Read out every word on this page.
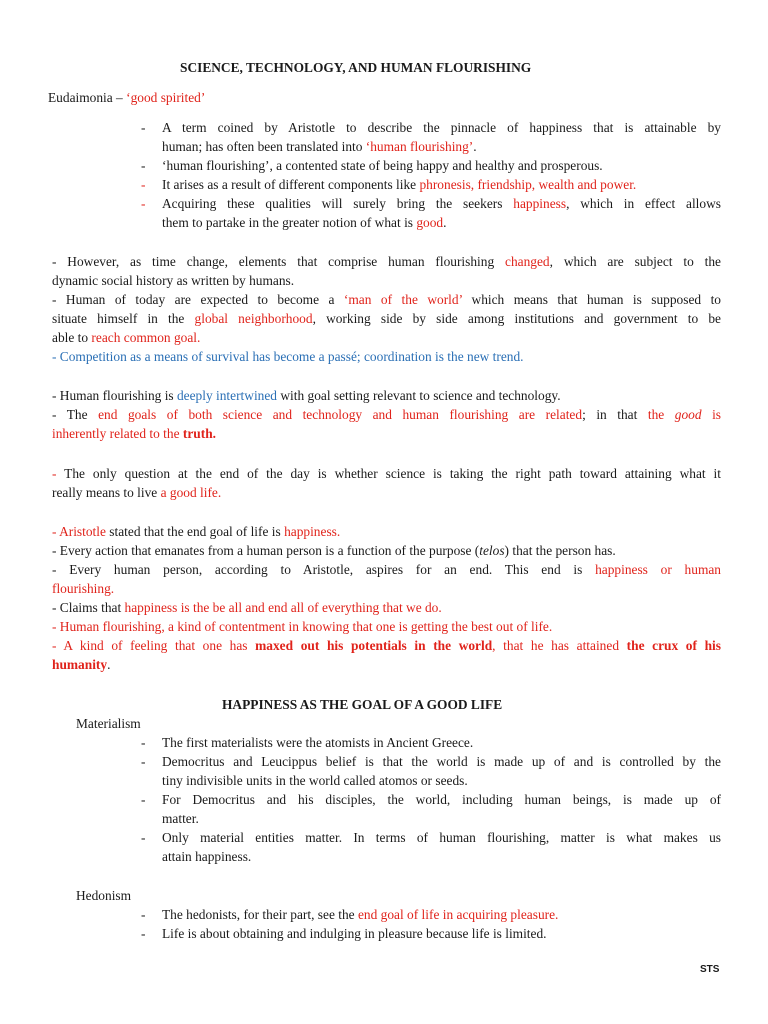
SCIENCE, TECHNOLOGY, AND HUMAN FLOURISHING
Eudaimonia – ‘good spirited’
- A term coined by Aristotle to describe the pinnacle of happiness that is attainable by
human; has often been translated into ‘human flourishing’.
- ‘human flourishing’, a contented state of being happy and healthy and prosperous.
- It arises as a result of different components like phronesis, friendship, wealth and power.
- Acquiring these qualities will surely bring the seekers happiness, which in effect allows
them to partake in the greater notion of what is good.
- However, as time change, elements that comprise human flourishing changed, which are subject to the
dynamic social history as written by humans.
- Human of today are expected to become a ‘man of the world’ which means that human is supposed to
situate himself in the global neighborhood, working side by side among institutions and government to be
able to reach common goal.
- Competition as a means of survival has become a passé; coordination is the new trend.
- Human flourishing is deeply intertwined with goal setting relevant to science and technology.
- The end goals of both science and technology and human flourishing are related; in that the good is
inherently related to the truth.
- The only question at the end of the day is whether science is taking the right path toward attaining what it
really means to live a good life.
- Aristotle stated that the end goal of life is happiness.
- Every action that emanates from a human person is a function of the purpose (telos) that the person has.
- Every human person, according to Aristotle, aspires for an end. This end is happiness or human
flourishing.
- Claims that happiness is the be all and end all of everything that we do.
- Human flourishing, a kind of contentment in knowing that one is getting the best out of life.
- A kind of feeling that one has maxed out his potentials in the world, that he has attained the crux of his
humanity.
HAPPINESS AS THE GOAL OF A GOOD LIFE
Materialism
- The first materialists were the atomists in Ancient Greece.
- Democritus and Leucippus belief is that the world is made up of and is controlled by the
tiny indivisible units in the world called atomos or seeds.
- For Democritus and his disciples, the world, including human beings, is made up of
matter.
- Only material entities matter. In terms of human flourishing, matter is what makes us
attain happiness.
Hedonism
- The hedonists, for their part, see the end goal of life in acquiring pleasure.
- Life is about obtaining and indulging in pleasure because life is limited.
STS
